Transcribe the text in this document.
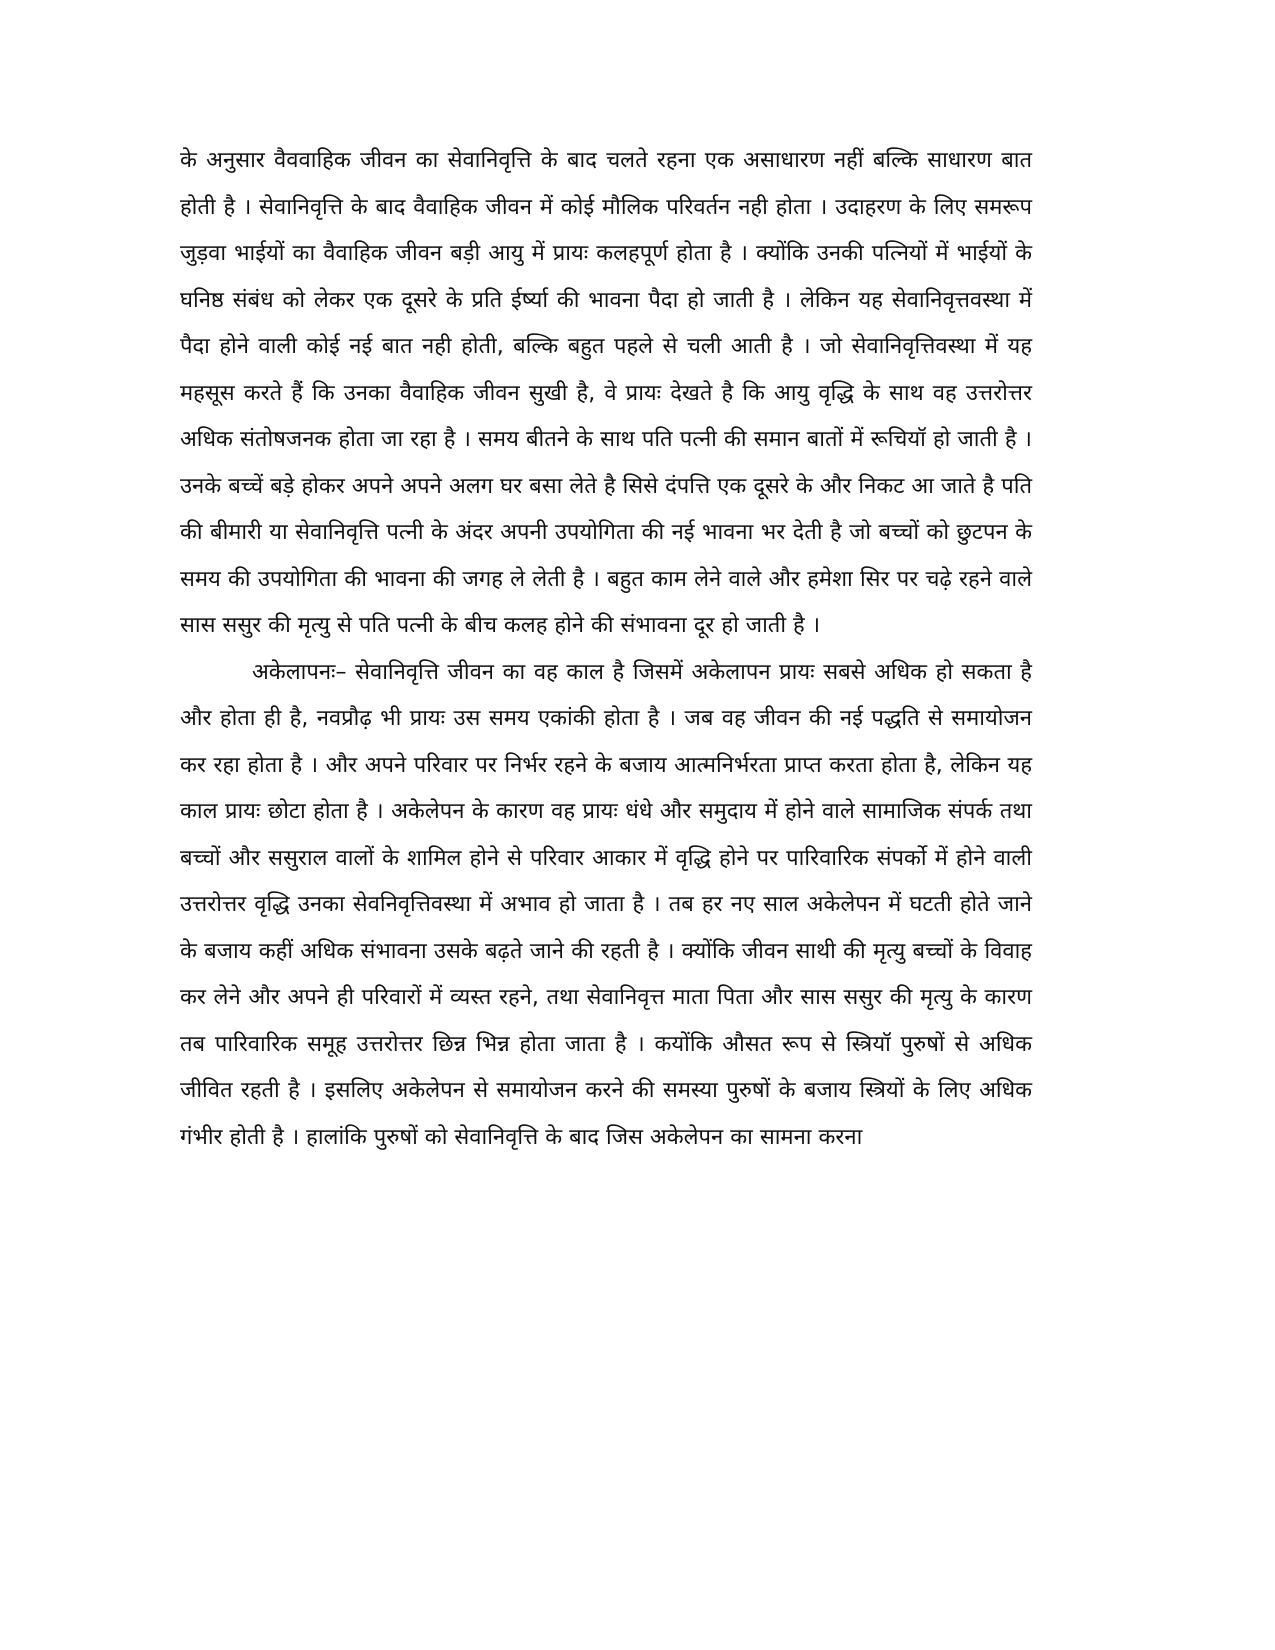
के अनुसार वैववाहिक जीवन का सेवानिवृत्ति के बाद चलते रहना एक असाधारण नहीं बल्कि साधारण बात होती है । सेवानिवृत्ति के बाद वैवाहिक जीवन में कोई मौलिक परिवर्तन नही होता । उदाहरण के लिए समरूप जुड़वा भाईयों का वैवाहिक जीवन बड़ी आयु में प्रायः कलहपूर्ण होता है । क्योंकि उनकी पत्नियों में भाईयों के घनिष्ठ संबंध को लेकर एक दूसरे के प्रति ईर्ष्या की भावना पैदा हो जाती है । लेकिन यह सेवानिवृत्तवस्था में पैदा होने वाली कोई नई बात नही होती, बल्कि बहुत पहले से चली आती है । जो सेवानिवृत्तिवस्था में यह महसूस करते हैं कि उनका वैवाहिक जीवन सुखी है, वे प्रायः देखते है कि आयु वृद्धि के साथ वह उत्तरोत्तर अधिक संतोषजनक होता जा रहा है । समय बीतने के साथ पति पत्नी की समान बातों में रूचियॉ हो जाती है । उनके बच्चें बड़े होकर अपने अपने अलग घर बसा लेते है सिसे दंपत्ति एक दूसरे के और निकट आ जाते है पति की बीमारी या सेवानिवृत्ति पत्नी के अंदर अपनी उपयोगिता की नई भावना भर देती है जो बच्चों को छुटपन के समय की उपयोगिता की भावना की जगह ले लेती है । बहुत काम लेने वाले और हमेशा सिर पर चढ़े रहने वाले सास ससुर की मृत्यु से पति पत्नी के बीच कलह होने की संभावना दूर हो जाती है ।

अकेलापनः– सेवानिवृत्ति जीवन का वह काल है जिसमें अकेलापन प्रायः सबसे अधिक हो सकता है और होता ही है, नवप्रौढ़ भी प्रायः उस समय एकांकी होता है । जब वह जीवन की नई पद्धति से समायोजन कर रहा होता है । और अपने परिवार पर निर्भर रहने के बजाय आत्मनिर्भरता प्राप्त करता होता है, लेकिन यह काल प्रायः छोटा होता है । अकेलेपन के कारण वह प्रायः धंधे और समुदाय में होने वाले सामाजिक संपर्क तथा बच्चों और ससुराल वालों के शामिल होने से परिवार आकार में वृद्धि होने पर पारिवारिक संपर्को में होने वाली उत्तरोत्तर वृद्धि उनका सेवनिवृत्तिवस्था में अभाव हो जाता है । तब हर नए साल अकेलेपन में घटती होते जाने के बजाय कहीं अधिक संभावना उसके बढ़ते जाने की रहती है । क्योंकि जीवन साथी की मृत्यु बच्चों के विवाह कर लेने और अपने ही परिवारों में व्यस्त रहने, तथा सेवानिवृत्त माता पिता और सास ससुर की मृत्यु के कारण तब पारिवारिक समूह उत्तरोत्तर छिन्न भिन्न होता जाता है । कयोंकि औसत रूप से स्त्रियॉ पुरुषों से अधिक जीवित रहती है । इसलिए अकेलेपन से समायोजन करने की समस्या पुरुषों के बजाय स्त्रियों के लिए अधिक गंभीर होती है । हालांकि पुरुषों को सेवानिवृत्ति के बाद जिस अकेलेपन का सामना करना
